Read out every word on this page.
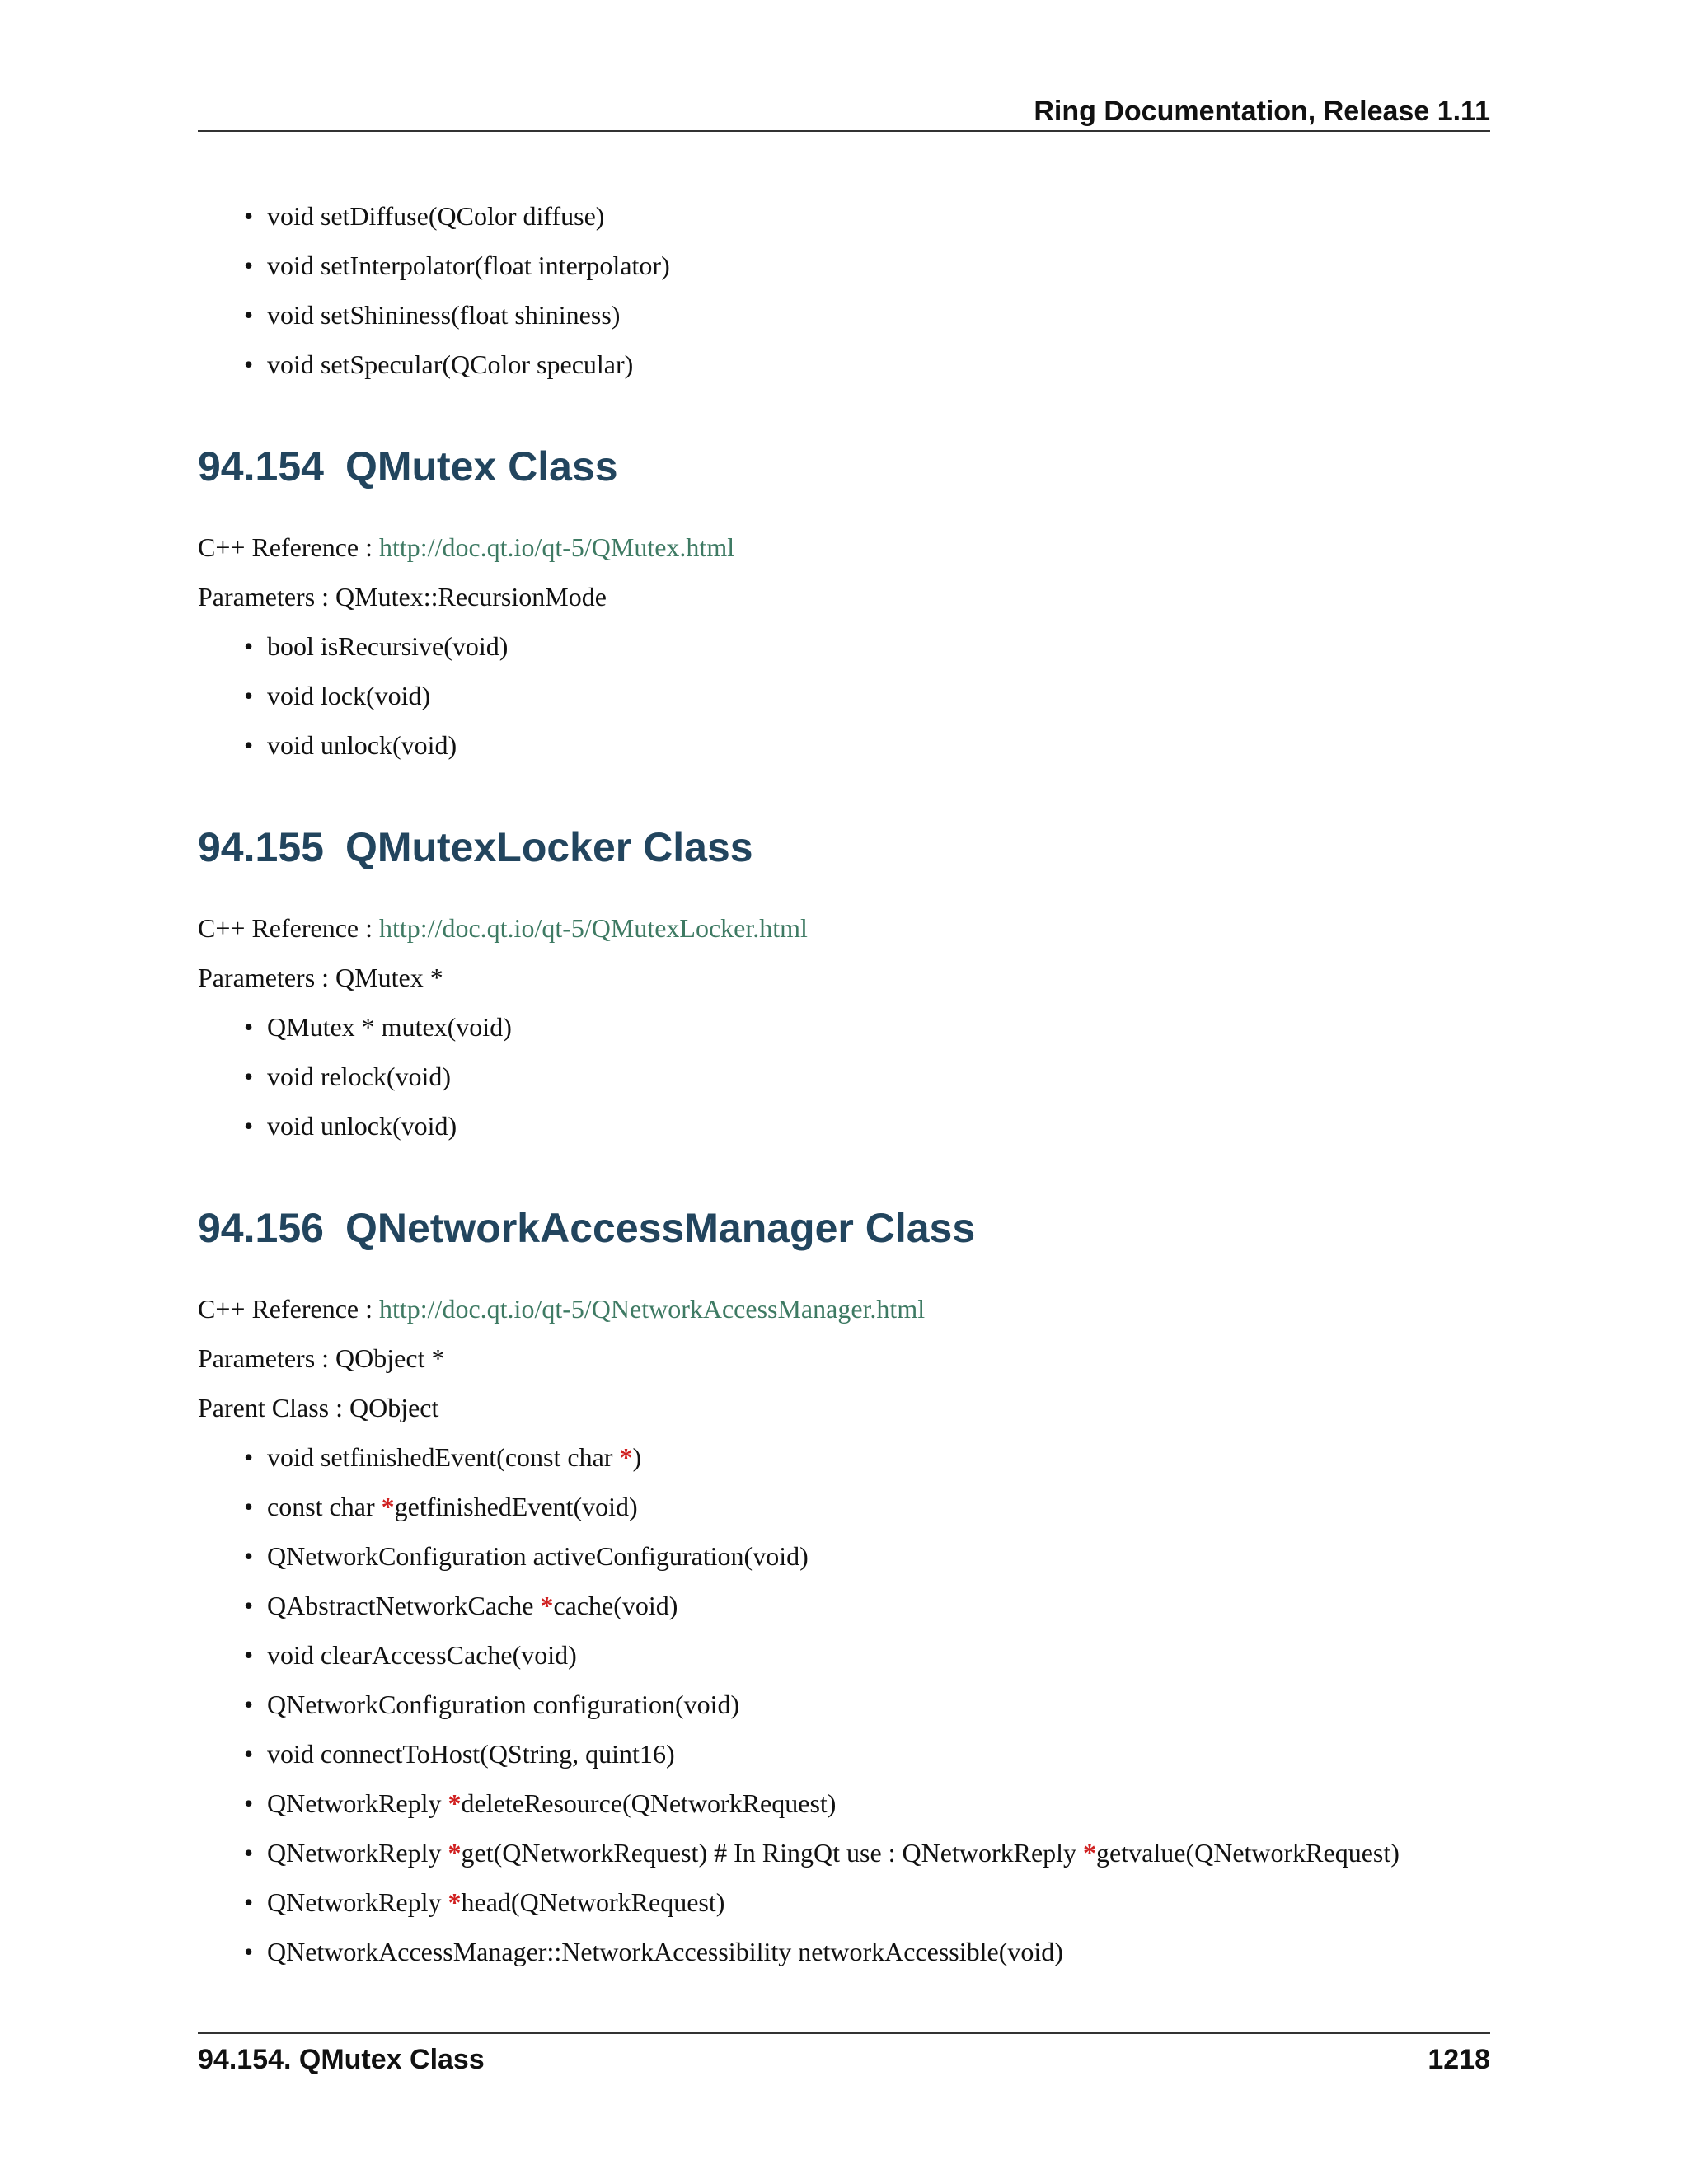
Ring Documentation, Release 1.11
• void setDiffuse(QColor diffuse)
• void setInterpolator(float interpolator)
• void setShininess(float shininess)
• void setSpecular(QColor specular)
94.154 QMutex Class
C++ Reference : http://doc.qt.io/qt-5/QMutex.html
Parameters : QMutex::RecursionMode
• bool isRecursive(void)
• void lock(void)
• void unlock(void)
94.155 QMutexLocker Class
C++ Reference : http://doc.qt.io/qt-5/QMutexLocker.html
Parameters : QMutex *
• QMutex * mutex(void)
• void relock(void)
• void unlock(void)
94.156 QNetworkAccessManager Class
C++ Reference : http://doc.qt.io/qt-5/QNetworkAccessManager.html
Parameters : QObject *
Parent Class : QObject
• void setfinishedEvent(const char *)
• const char *getfinishedEvent(void)
• QNetworkConfiguration activeConfiguration(void)
• QAbstractNetworkCache *cache(void)
• void clearAccessCache(void)
• QNetworkConfiguration configuration(void)
• void connectToHost(QString, quint16)
• QNetworkReply *deleteResource(QNetworkRequest)
• QNetworkReply *get(QNetworkRequest) # In RingQt use : QNetworkReply *getvalue(QNetworkRequest)
• QNetworkReply *head(QNetworkRequest)
• QNetworkAccessManager::NetworkAccessibility networkAccessible(void)
94.154. QMutex Class	1218
